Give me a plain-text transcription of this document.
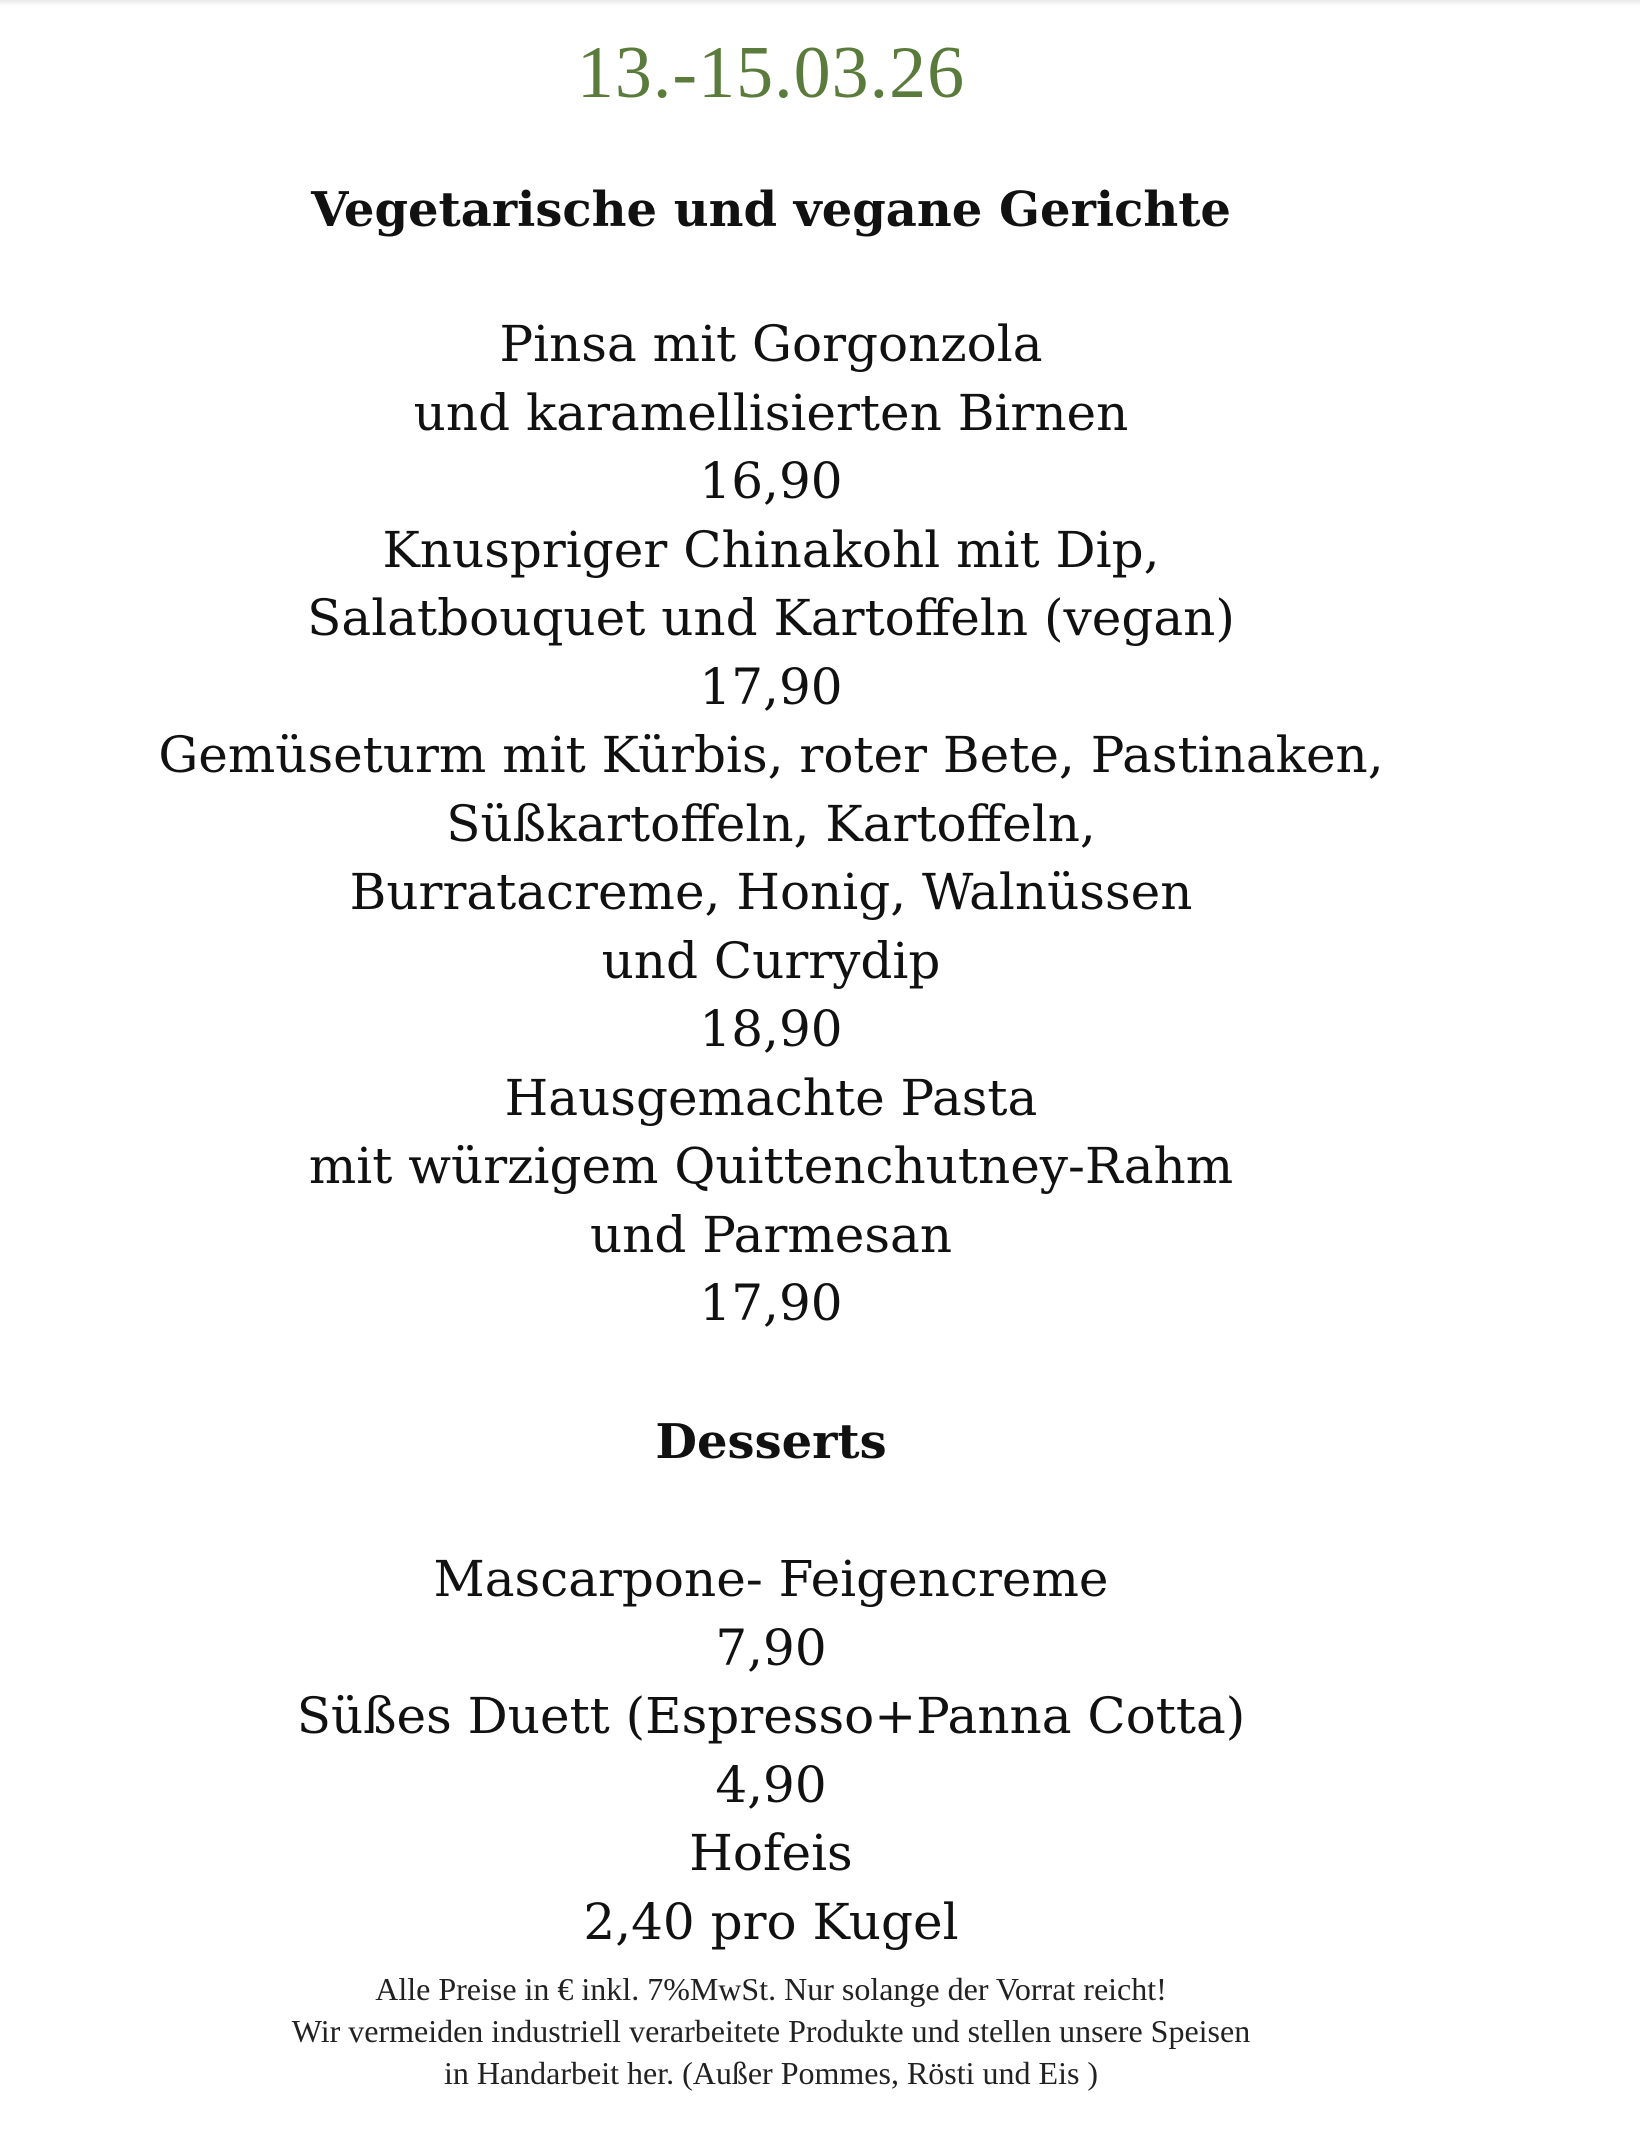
13.-15.03.26
Vegetarische und vegane Gerichte
Pinsa mit Gorgonzola
und karamellisierten Birnen
16,90
Knuspriger Chinakohl mit Dip,
Salatbouquet und Kartoffeln (vegan)
17,90
Gemüseturm mit Kürbis, roter Bete, Pastinaken,
Süßkartoffeln, Kartoffeln,
Burratacreme, Honig, Walnüssen
und Currydip
18,90
Hausgemachte Pasta
mit würzigem Quittenchutney-Rahm
und Parmesan
17,90
Desserts
Mascarpone- Feigencreme
7,90
Süßes Duett (Espresso+Panna Cotta)
4,90
Hofeis
2,40 pro Kugel
Alle Preise in € inkl. 7%MwSt. Nur solange der Vorrat reicht!
Wir vermeiden industriell verarbeitete Produkte und stellen unsere Speisen
in Handarbeit her. (Außer Pommes, Rösti und Eis )
